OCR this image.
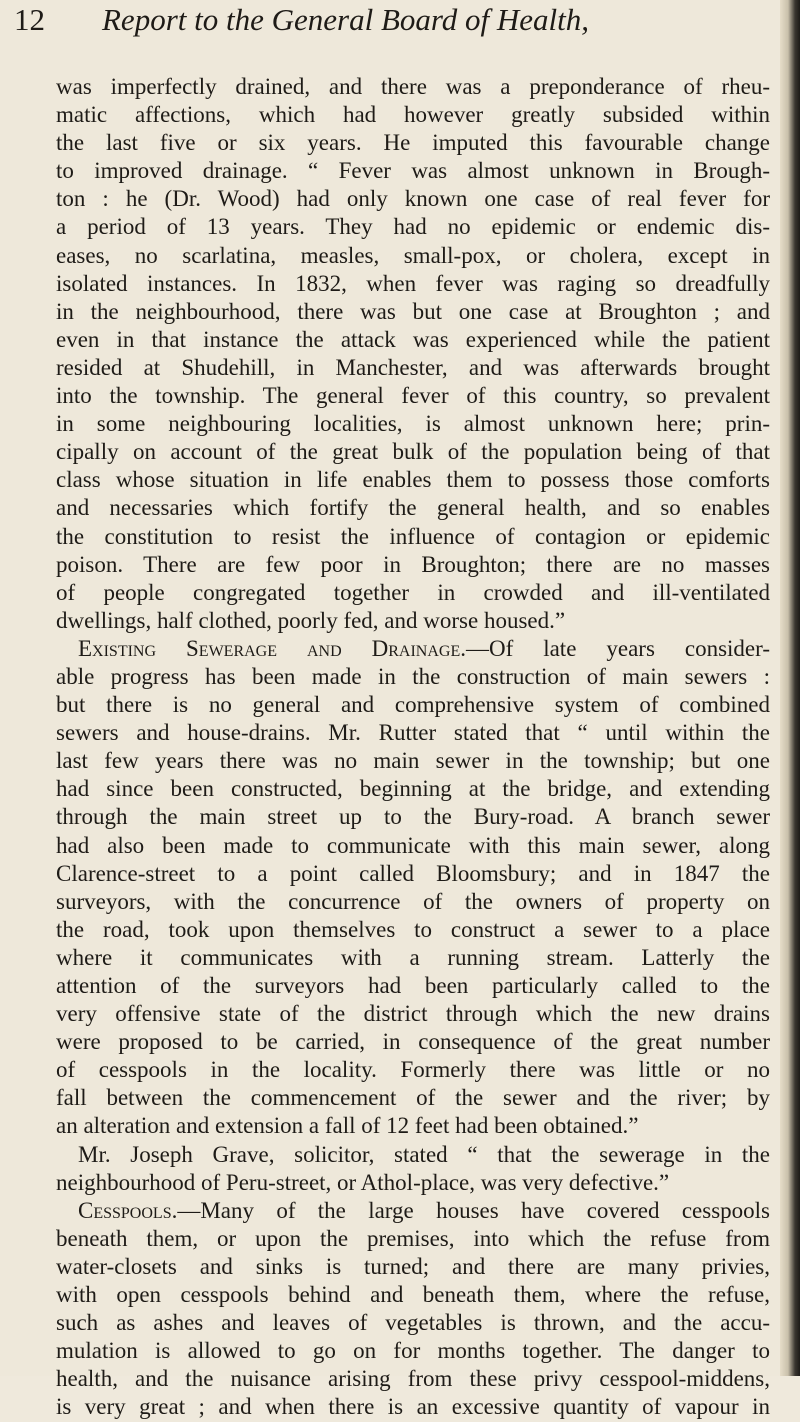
12 Report to the General Board of Health,
was imperfectly drained, and there was a preponderance of rheu-
matic affections, which had however greatly subsided within
the last five or six years. He imputed this favourable change
to improved drainage. “ Fever was almost unknown in Brough-
ton : he (Dr. Wood) had only known one case of real fever for
a period of 13 years. They had no epidemic or endemic dis-
eases, no scarlatina, measles, small-pox, or cholera, except in
isolated instances. In 1832, when fever was raging so dreadfully
in the neighbourhood, there was but one case at Broughton ; and
even in that instance the attack was experienced while the patient
resided at Shudehill, in Manchester, and was afterwards brought
into the township. The general fever of this country, so prevalent
in some neighbouring localities, is almost unknown here; prin-
cipally on account of the great bulk of the population being of that
class whose situation in life enables them to possess those comforts
and necessaries which fortify the general health, and so enables
the constitution to resist the influence of contagion or epidemic
poison. There are few poor in Broughton; there are no masses
of people congregated together in crowded and ill-ventilated
dwellings, half clothed, poorly fed, and worse housed.”
Existing Sewerage and Drainage.—Of late years consider-
able progress has been made in the construction of main sewers :
but there is no general and comprehensive system of combined
sewers and house-drains. Mr. Rutter stated that “ until within the
last few years there was no main sewer in the township; but one
had since been constructed, beginning at the bridge, and extending
through the main street up to the Bury-road. A branch sewer
had also been made to communicate with this main sewer, along
Clarence-street to a point called Bloomsbury; and in 1847 the
surveyors, with the concurrence of the owners of property on
the road, took upon themselves to construct a sewer to a place
where it communicates with a running stream. Latterly the
attention of the surveyors had been particularly called to the
very offensive state of the district through which the new drains
were proposed to be carried, in consequence of the great number
of cesspools in the locality. Formerly there was little or no
fall between the commencement of the sewer and the river; by
an alteration and extension a fall of 12 feet had been obtained.”
Mr. Joseph Grave, solicitor, stated “ that the sewerage in the
neighbourhood of Peru-street, or Athol-place, was very defective.”
Cesspools.—Many of the large houses have covered cesspools
beneath them, or upon the premises, into which the refuse from
water-closets and sinks is turned; and there are many privies,
with open cesspools behind and beneath them, where the refuse,
such as ashes and leaves of vegetables is thrown, and the accu-
mulation is allowed to go on for months together. The danger to
health, and the nuisance arising from these privy cesspool-middens,
is very great ; and when there is an excessive quantity of vapour in
